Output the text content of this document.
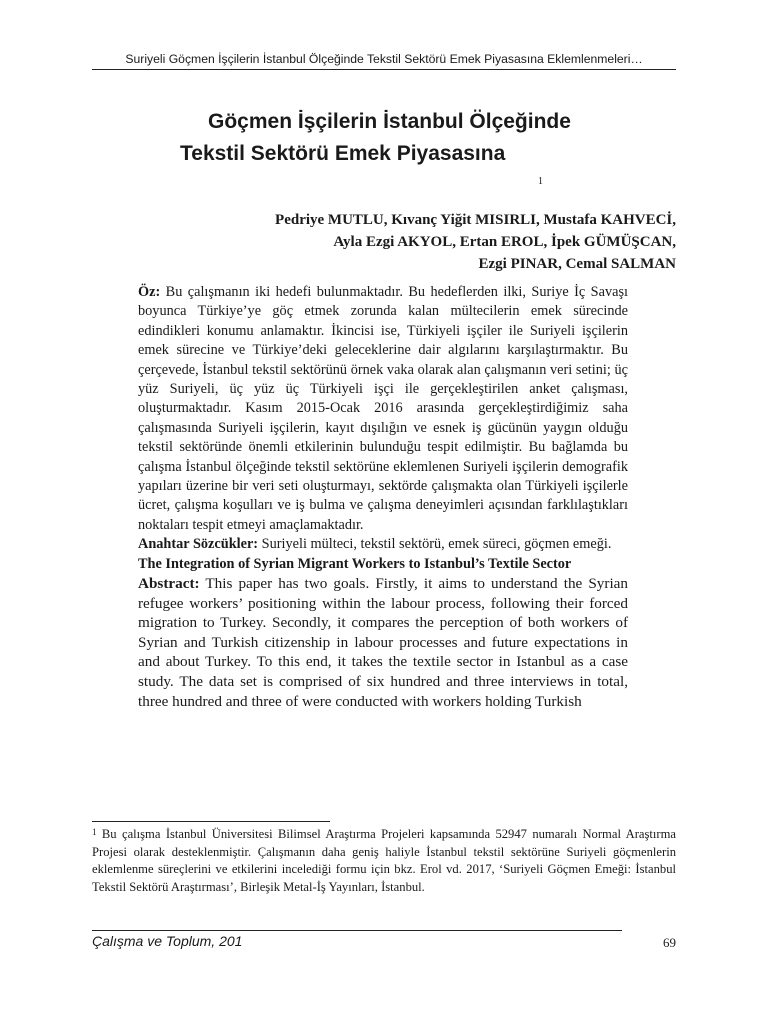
Suriyeli Göçmen İşçilerin İstanbul Ölçeğinde Tekstil Sektörü Emek Piyasasına Eklemlenmeleri…
Göçmen İşçilerin İstanbul Ölçeğinde
Tekstil Sektörü Emek Piyasasına
1
Pedriye MUTLU, Kıvanç Yiğit MISIRLI, Mustafa KAHVECİ,
Ayla Ezgi AKYOL, Ertan EROL, İpek GÜMÜŞCAN,
Ezgi PINAR, Cemal SALMAN

Öz: Bu çalışmanın iki hedefi bulunmaktadır. Bu hedeflerden ilki, Suriye İç Savaşı boyunca Türkiye’ye göç etmek zorunda kalan mültecilerin emek sürecinde edindikleri konumu anlamaktır. İkincisi ise, Türkiyeli işçiler ile Suriyeli işçilerin emek sürecine ve Türkiye’deki geleceklerine dair algılarını karşılaştırmaktır. Bu çerçevede, İstanbul tekstil sektörünü örnek vaka olarak alan çalışmanın veri setini; üç yüz Suriyeli, üç yüz üç Türkiyeli işçi ile gerçekleştirilen anket çalışması, oluşturmaktadır. Kasım 2015-Ocak 2016 arasında gerçekleştirdiğimiz saha çalışmasında Suriyeli işçilerin, kayıt dışılığın ve esnek iş gücünün yaygın olduğu tekstil sektöründe önemli etkilerinin bulunduğu tespit edilmiştir. Bu bağlamda bu çalışma İstanbul ölçeğinde tekstil sektörüne eklemlenen Suriyeli işçilerin demografik yapıları üzerine bir veri seti oluşturmayı, sektörde çalışmakta olan Türkiyeli işçilerle ücret, çalışma koşulları ve iş bulma ve çalışma deneyimleri açısından farklılaştıkları noktaları tespit etmeyi amaçlamaktadır.

Anahtar Sözcükler: Suriyeli mülteci, tekstil sektörü, emek süreci, göçmen emeği.

The Integration of Syrian Migrant Workers to Istanbul’s Textile Sector

Abstract: This paper has two goals. Firstly, it aims to understand the Syrian refugee workers’ positioning within the labour process, following their forced migration to Turkey. Secondly, it compares the perception of both workers of Syrian and Turkish citizenship in labour processes and future expectations in and about Turkey. To this end, it takes the textile sector in Istanbul as a case study. The data set is comprised of six hundred and three interviews in total, three hundred and three of were conducted with workers holding Turkish

$^1$ Bu çalışma İstanbul Üniversitesi Bilimsel Araştırma Projeleri kapsamında 52947 numaralı Normal Araştırma Projesi olarak desteklenmiştir. Çalışmanın daha geniş haliyle İstanbul tekstil sektörüne Suriyeli göçmenlerin eklemlenme süreçlerini ve etkilerini incelediği formu için bkz. Erol vd. 2017, ‘Suriyeli Göçmen Emeği: İstanbul Tekstil Sektörü Araştırması’, Birleşik Metal-İş Yayınları, İstanbul.

Çalışma ve Toplum, 201	69
